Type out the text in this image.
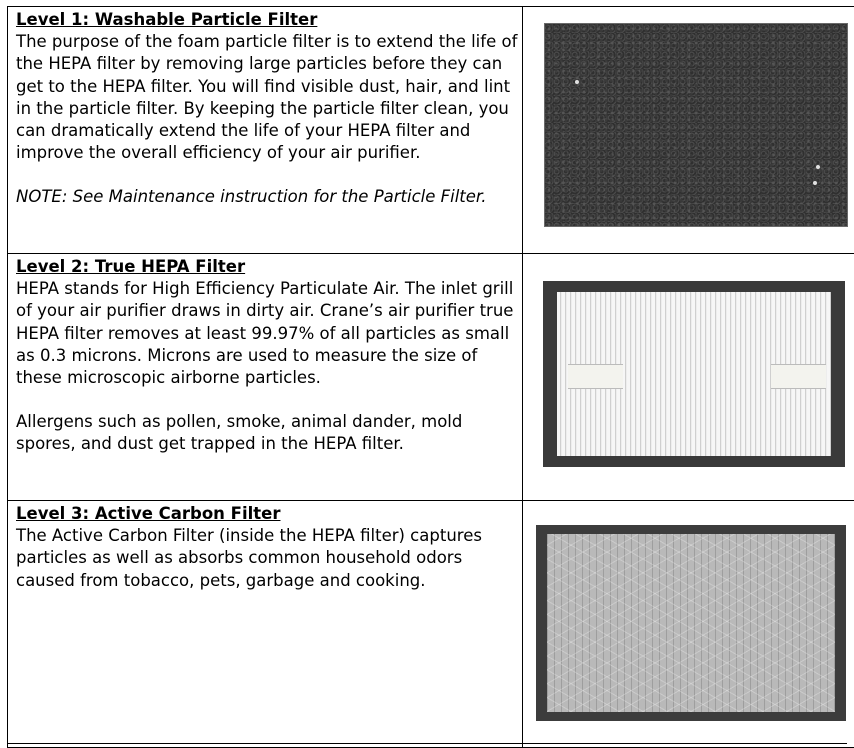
Level 1: Washable Particle Filter
The purpose of the foam particle filter is to extend the life of the HEPA filter by removing large particles before they can get to the HEPA filter. You will find visible dust, hair, and lint in the particle filter. By keeping the particle filter clean, you can dramatically extend the life of your HEPA filter and improve the overall efficiency of your air purifier.
NOTE: See Maintenance instruction for the Particle Filter.	

Level 2: True HEPA Filter
HEPA stands for High Efficiency Particulate Air. The inlet grill of your air purifier draws in dirty air. Crane’s air purifier true HEPA filter removes at least 99.97% of all particles as small as 0.3 microns. Microns are used to measure the size of these microscopic airborne particles.
Allergens such as pollen, smoke, animal dander, mold spores, and dust get trapped in the HEPA filter.	

Level 3: Active Carbon Filter
The Active Carbon Filter (inside the HEPA filter) captures particles as well as absorbs common household odors caused from tobacco, pets, garbage and cooking.	
